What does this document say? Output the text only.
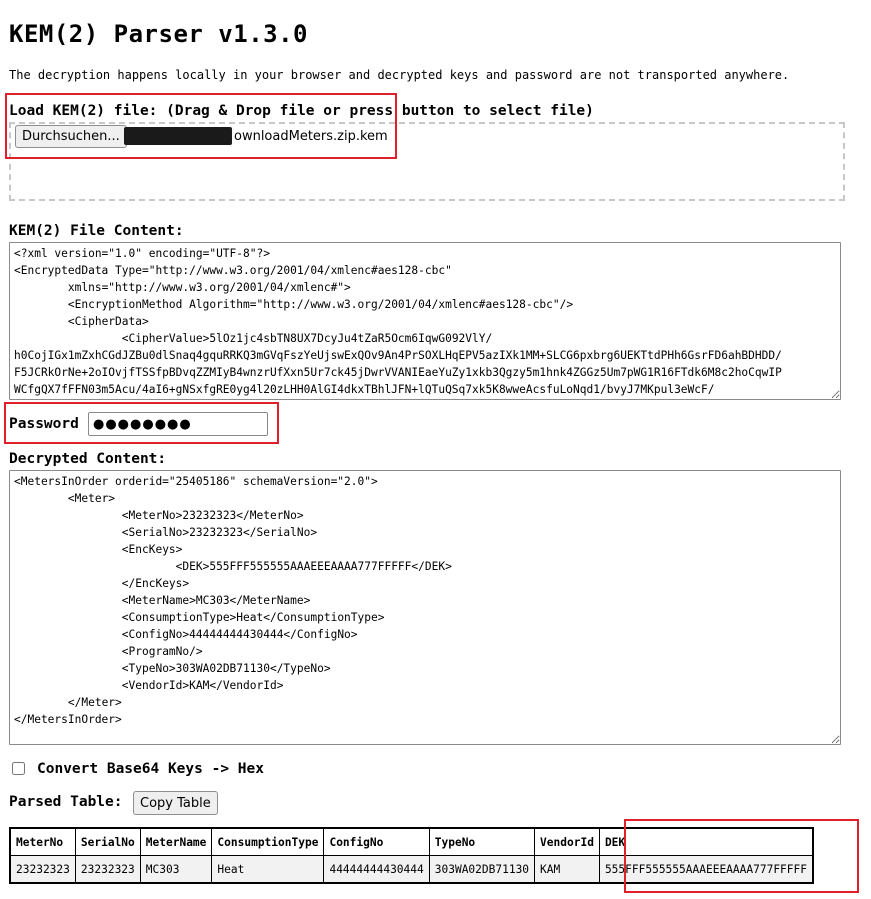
KEM(2) Parser v1.3.0
The decryption happens locally in your browser and decrypted keys and password are not transported anywhere.
Load KEM(2) file: (Drag & Drop file or press button to select file)
Durchsuchen...	ownloadMeters.zip.kem
KEM(2) File Content:
<?xml version="1.0" encoding="UTF-8"?> <EncryptedData Type="http://www.w3.org/2001/04/xmlenc#aes128-cbc" xmlns="http://www.w3.org/2001/04/xmlenc#"> <EncryptionMethod Algorithm="http://www.w3.org/2001/04/xmlenc#aes128-cbc"/> <CipherData> <CipherValue>5lOz1jc4sbTN8UX7DcyJu4tZaR5Ocm6IqwG092VlY/ h0CojIGx1mZxhCGdJZBu0dlSnaq4gquRRKQ3mGVqFszYeUjswExQOv9An4PrSOXLHqEPV5azIXk1MM+SLCG6pxbrg6UEKTtdPHh6GsrFD6ahBDHDD/ F5JCRkOrNe+2oIOvjfTSSfpBDvqZZMIyB4wnzrUfXxn5Ur7ck45jDwrVVANIEaeYuZy1xkb3Qgzy5m1hnk4ZGGz5Um7pWG1R16FTdk6M8c2hoCqwIP WCfgQX7fFFN03m5Acu/4aI6+gNSxfgRE0yg4l20zLHH0AlGI4dkxTBhlJFN+lQTuQSq7xk5K8wweAcsfuLoNqd1/bvyJ7MKpul3eWcF/
Password
●●●●●●●●
Decrypted Content:
<MetersInOrder orderid="25405186" schemaVersion="2.0"> <Meter> <MeterNo>23232323</MeterNo> <SerialNo>23232323</SerialNo> <EncKeys> <DEK>555FFF555555AAAEEEAAAA777FFFFF</DEK> </EncKeys> <MeterName>MC303</MeterName> <ConsumptionType>Heat</ConsumptionType> <ConfigNo>44444444430444</ConfigNo> <ProgramNo/> <TypeNo>303WA02DB71130</TypeNo> <VendorId>KAM</VendorId> </Meter> </MetersInOrder>
Convert Base64 Keys -> Hex
Parsed Table:	Copy Table
MeterNo	SerialNo	MeterName	ConsumptionType	ConfigNo	TypeNo	VendorId	DEK
23232323	23232323	MC303	Heat	44444444430444	303WA02DB71130	KAM	555FFF555555AAAEEEAAAA777FFFFF
